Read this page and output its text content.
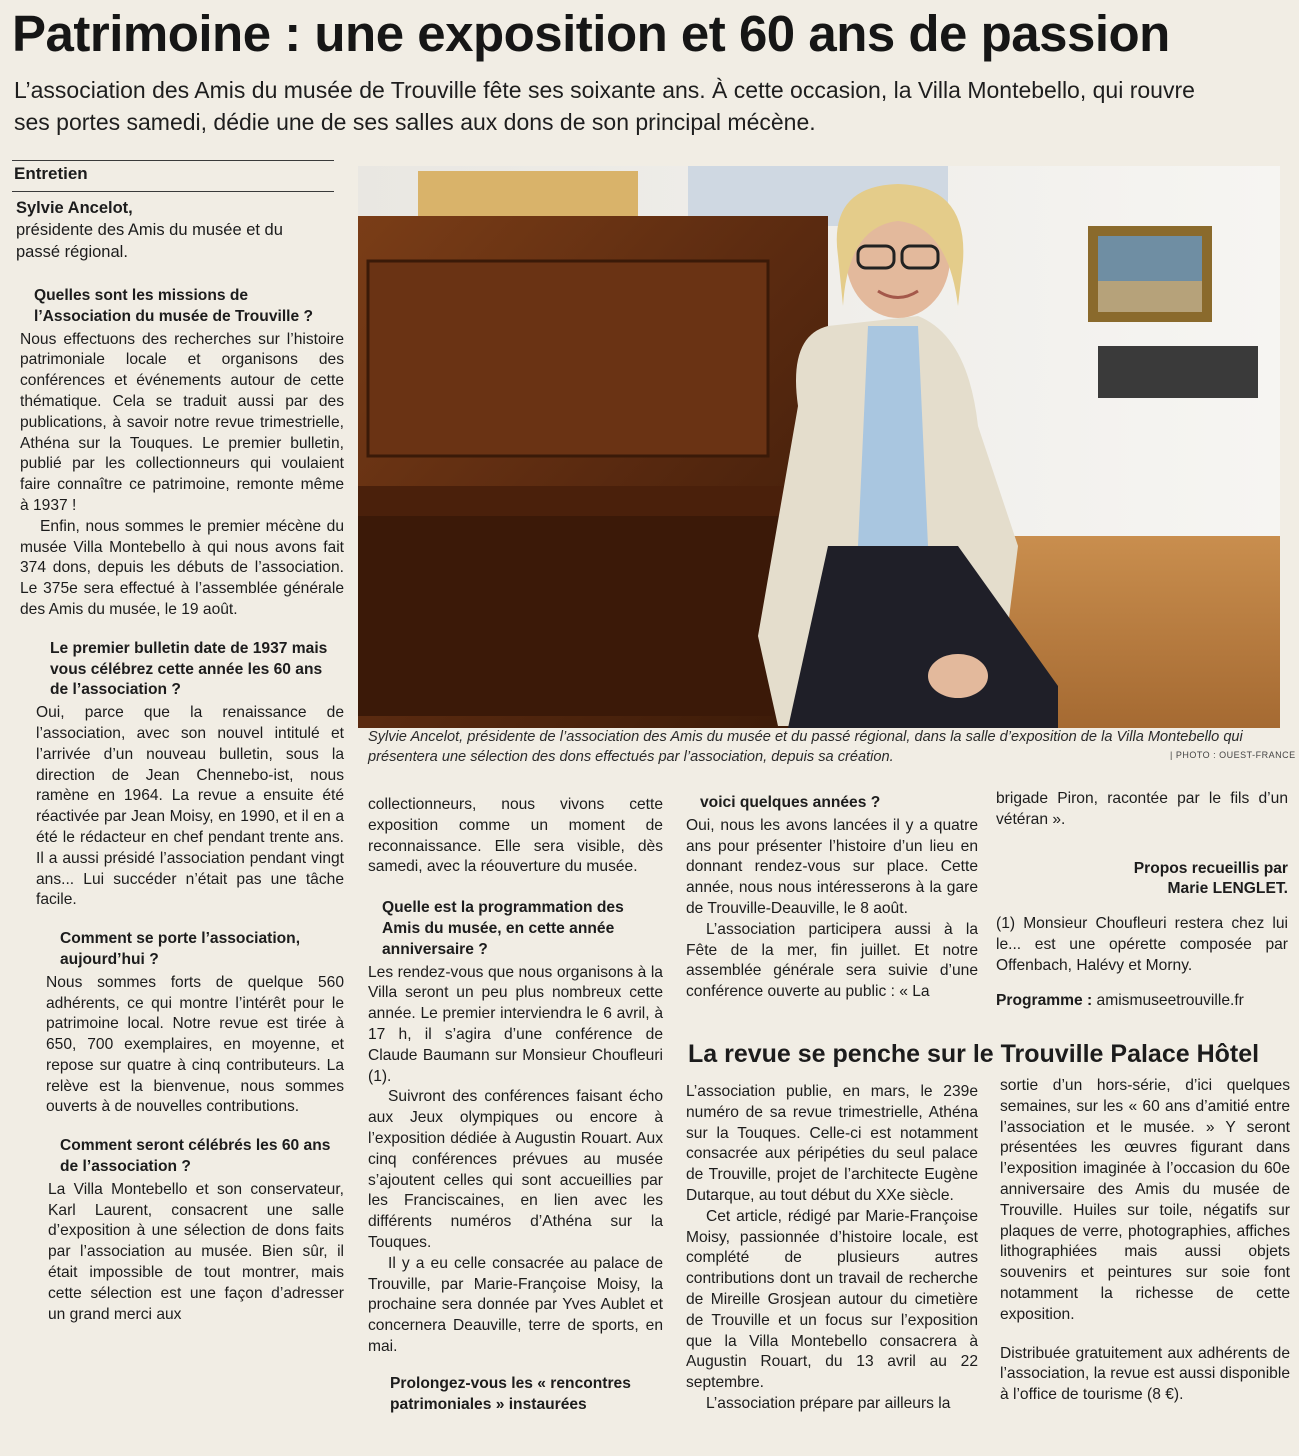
Patrimoine : une exposition et 60 ans de passion

L’association des Amis du musée de Trouville fête ses soixante ans. À cette occasion, la Villa Montebello, qui rouvre ses portes samedi, dédie une de ses salles aux dons de son principal mécène.

Entretien

Sylvie Ancelot,
présidente des Amis du musée et du passé régional.

Quelles sont les missions de l’Association du musée de Trouville ?

Nous effectuons des recherches sur l’histoire patrimoniale locale et organisons des conférences et événements autour de cette thématique. Cela se traduit aussi par des publications, à savoir notre revue trimestrielle, Athéna sur la Touques. Le premier bulletin, publié par les collectionneurs qui voulaient faire connaître ce patrimoine, remonte même à 1937 !

Enfin, nous sommes le premier mécène du musée Villa Montebello à qui nous avons fait 374 dons, depuis les débuts de l’association. Le 375e sera effectué à l’assemblée générale des Amis du musée, le 19 août.

Le premier bulletin date de 1937 mais vous célébrez cette année les 60 ans de l’association ?

Oui, parce que la renaissance de l’association, avec son nouvel intitulé et l’arrivée d’un nouveau bulletin, sous la direction de Jean Chennebo-ist, nous ramène en 1964. La revue a ensuite été réactivée par Jean Moisy, en 1990, et il en a été le rédacteur en chef pendant trente ans. Il a aussi présidé l’association pendant vingt ans... Lui succéder n’était pas une tâche facile.

Comment se porte l’association, aujourd’hui ?

Nous sommes forts de quelque 560 adhérents, ce qui montre l’intérêt pour le patrimoine local. Notre revue est tirée à 650, 700 exemplaires, en moyenne, et repose sur quatre à cinq contributeurs. La relève est la bienvenue, nous sommes ouverts à de nouvelles contributions.

Comment seront célébrés les 60 ans de l’association ?

La Villa Montebello et son conservateur, Karl Laurent, consacrent une salle d’exposition à une sélection de dons faits par l’association au musée. Bien sûr, il était impossible de tout montrer, mais cette sélection est une façon d’adresser un grand merci aux

Sylvie Ancelot, présidente de l’association des Amis du musée et du passé régional, dans la salle d’exposition de la Villa Montebello qui présentera une sélection des dons effectués par l’association, depuis sa création.	| PHOTO : OUEST-FRANCE

collectionneurs, nous vivons cette exposition comme un moment de reconnaissance. Elle sera visible, dès samedi, avec la réouverture du musée.

Quelle est la programmation des Amis du musée, en cette année anniversaire ?

Les rendez-vous que nous organisons à la Villa seront un peu plus nombreux cette année. Le premier interviendra le 6 avril, à 17 h, il s’agira d’une conférence de Claude Baumann sur Monsieur Choufleuri (1).

Suivront des conférences faisant écho aux Jeux olympiques ou encore à l’exposition dédiée à Augustin Rouart. Aux cinq conférences prévues au musée s’ajoutent celles qui sont accueillies par les Franciscaines, en lien avec les différents numéros d’Athéna sur la Touques.

Il y a eu celle consacrée au palace de Trouville, par Marie-Françoise Moisy, la prochaine sera donnée par Yves Aublet et concernera Deauville, terre de sports, en mai.

Prolongez-vous les « rencontres patrimoniales » instaurées
voici quelques années ?

Oui, nous les avons lancées il y a quatre ans pour présenter l’histoire d’un lieu en donnant rendez-vous sur place. Cette année, nous nous intéresserons à la gare de Trouville-Deauville, le 8 août.

L’association participera aussi à la Fête de la mer, fin juillet. Et notre assemblée générale sera suivie d’une conférence ouverte au public : « La

brigade Piron, racontée par le fils d’un vétéran ».

Propos recueillis par
Marie LENGLET.

(1) Monsieur Choufleuri restera chez lui le... est une opérette composée par Offenbach, Halévy et Morny.

Programme : amismuseetrouville.fr

La revue se penche sur le Trouville Palace Hôtel

L’association publie, en mars, le 239e numéro de sa revue trimestrielle, Athéna sur la Touques. Celle-ci est notamment consacrée aux péripéties du seul palace de Trouville, projet de l’architecte Eugène Dutarque, au tout début du XXe siècle.

Cet article, rédigé par Marie-Françoise Moisy, passionnée d’histoire locale, est complété de plusieurs autres contributions dont un travail de recherche de Mireille Grosjean autour du cimetière de Trouville et un focus sur l’exposition que la Villa Montebello consacrera à Augustin Rouart, du 13 avril au 22 septembre.

L’association prépare par ailleurs la

sortie d’un hors-série, d’ici quelques semaines, sur les « 60 ans d’amitié entre l’association et le musée. » Y seront présentées les œuvres figurant dans l’exposition imaginée à l’occasion du 60e anniversaire des Amis du musée de Trouville. Huiles sur toile, négatifs sur plaques de verre, photographies, affiches lithographiées mais aussi objets souvenirs et peintures sur soie font notamment la richesse de cette exposition.

Distribuée gratuitement aux adhérents de l’association, la revue est aussi disponible à l’office de tourisme (8 €).
